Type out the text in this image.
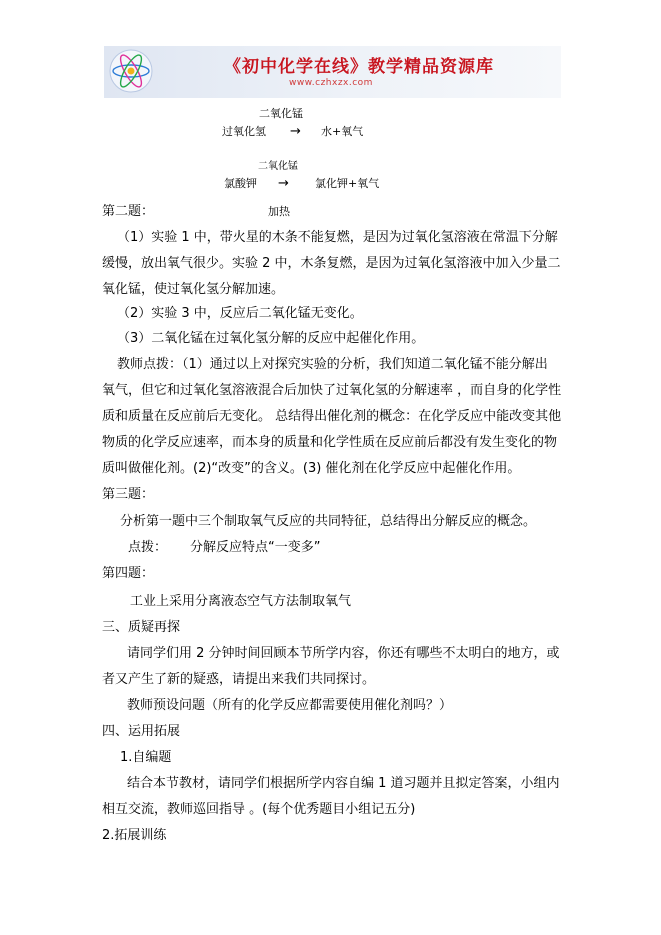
《初中化学在线》教学精品资源库
www.czhxzx.com
二氧化锰
过氧化氢 → 水+氧气
二氧化锰
氯酸钾 → 氯化钾+氧气
加热
第二题：
（1）实验 1 中，带火星的木条不能复燃，是因为过氧化氢溶液在常温下分解
缓慢，放出氧气很少。实验 2 中，木条复燃，是因为过氧化氢溶液中加入少量二
氧化锰，使过氧化氢分解加速。
（2）实验 3 中，反应后二氧化锰无变化。
（3）二氧化锰在过氧化氢分解的反应中起催化作用。
教师点拨：（1）通过以上对探究实验的分析，我们知道二氧化锰不能分解出
氧气，但它和过氧化氢溶液混合后加快了过氧化氢的分解速率 ，而自身的化学性
质和质量在反应前后无变化。 总结得出催化剂的概念：在化学反应中能改变其他
物质的化学反应速率，而本身的质量和化学性质在反应前后都没有发生变化的物
质叫做催化剂。(2)“改变”的含义。(3) 催化剂在化学反应中起催化作用。
第三题：
分析第一题中三个制取氧气反应的共同特征，总结得出分解反应的概念。
点拨： 分解反应特点“一变多”
第四题：
工业上采用分离液态空气方法制取氧气
三、质疑再探
请同学们用 2 分钟时间回顾本节所学内容，你还有哪些不太明白的地方，或
者又产生了新的疑惑，请提出来我们共同探讨。
教师预设问题（所有的化学反应都需要使用催化剂吗？）
四、运用拓展
1.自编题
结合本节教材，请同学们根据所学内容自编 1 道习题并且拟定答案，小组内
相互交流，教师巡回指导 。(每个优秀题目小组记五分)
2.拓展训练
